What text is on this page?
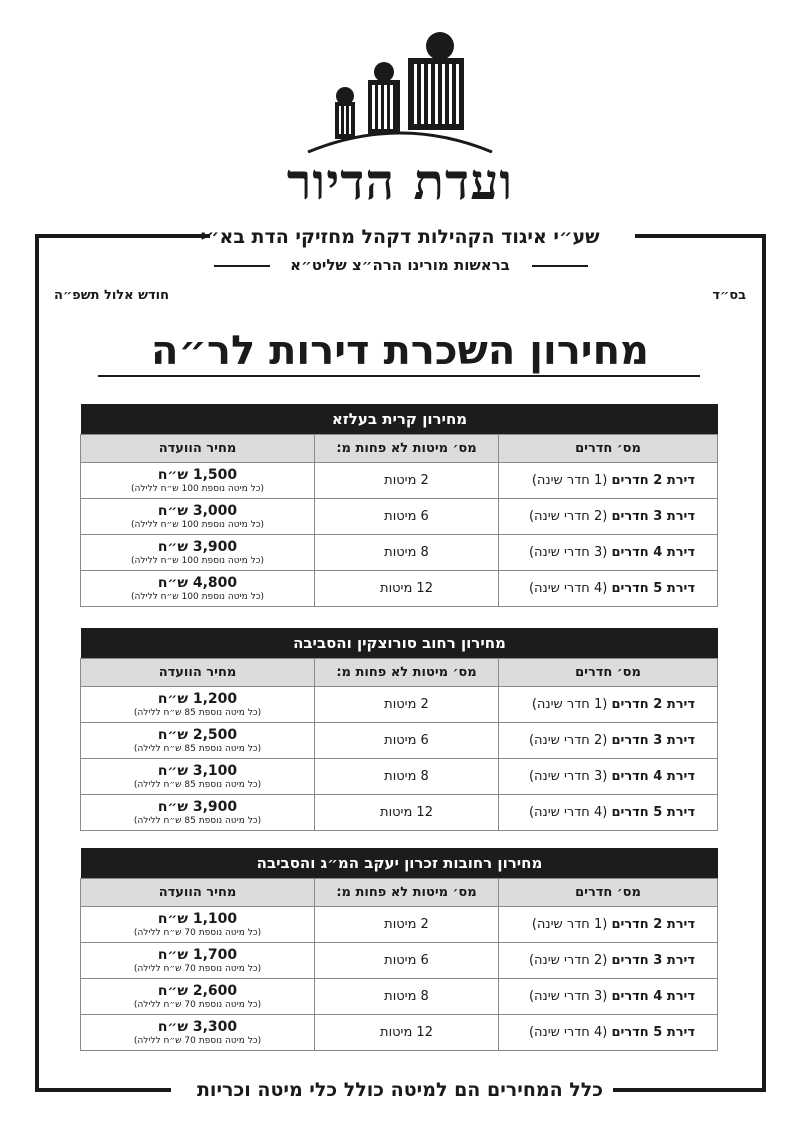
ועדת הדיור
שע״י איגוד הקהילות דקהל מחזיקי הדת בא״י
בראשות מורינו הרה״צ שליט״א
בס״ד
חודש אלול תשפ״ה
מחירון השכרת דירות לר״ה
מחירון קרית בעלזא
מס׳ חדרים	מס׳ מיטות לא פחות מ:	מחיר הוועדה
דירת 2 חדרים (1 חדר שינה)	2 מיטות	1,500 ש״ח
(כל מיטה נוספת 100 ש״ח ללילה)

דירת 3 חדרים (2 חדרי שינה)	6 מיטות	3,000 ש״ח
(כל מיטה נוספת 100 ש״ח ללילה)

דירת 4 חדרים (3 חדרי שינה)	8 מיטות	3,900 ש״ח
(כל מיטה נוספת 100 ש״ח ללילה)

דירת 5 חדרים (4 חדרי שינה)	12 מיטות	4,800 ש״ח
(כל מיטה נוספת 100 ש״ח ללילה)
מחירון רחוב סורוצקין והסביבה
מס׳ חדרים	מס׳ מיטות לא פחות מ:	מחיר הוועדה
דירת 2 חדרים (1 חדר שינה)	2 מיטות	1,200 ש״ח
(כל מיטה נוספת 85 ש״ח ללילה)

דירת 3 חדרים (2 חדרי שינה)	6 מיטות	2,500 ש״ח
(כל מיטה נוספת 85 ש״ח ללילה)

דירת 4 חדרים (3 חדרי שינה)	8 מיטות	3,100 ש״ח
(כל מיטה נוספת 85 ש״ח ללילה)

דירת 5 חדרים (4 חדרי שינה)	12 מיטות	3,900 ש״ח
(כל מיטה נוספת 85 ש״ח ללילה)
מחירון רחובות זכרון יעקב המ״ג והסביבה
מס׳ חדרים	מס׳ מיטות לא פחות מ:	מחיר הוועדה
דירת 2 חדרים (1 חדר שינה)	2 מיטות	1,100 ש״ח
(כל מיטה נוספת 70 ש״ח ללילה)

דירת 3 חדרים (2 חדרי שינה)	6 מיטות	1,700 ש״ח
(כל מיטה נוספת 70 ש״ח ללילה)

דירת 4 חדרים (3 חדרי שינה)	8 מיטות	2,600 ש״ח
(כל מיטה נוספת 70 ש״ח ללילה)

דירת 5 חדרים (4 חדרי שינה)	12 מיטות	3,300 ש״ח
(כל מיטה נוספת 70 ש״ח ללילה)
כלל המחירים הם למיטה כולל כלי מיטה וכריות
